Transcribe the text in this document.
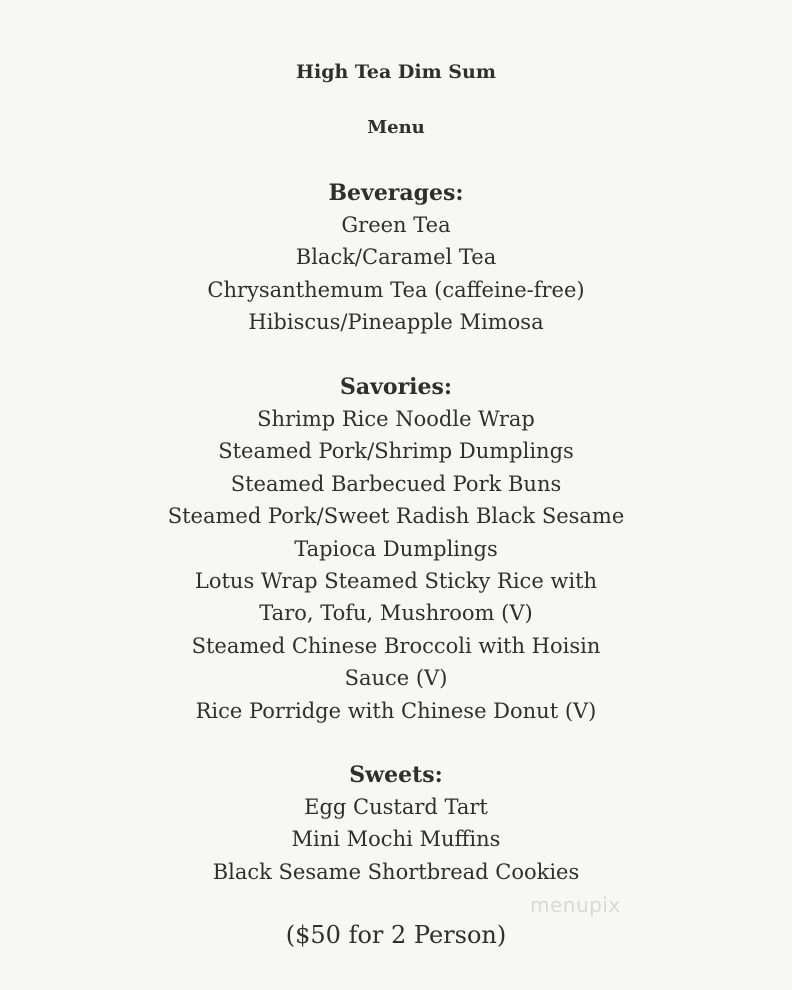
High Tea Dim Sum
Menu
Beverages:
Green Tea
Black/Caramel Tea
Chrysanthemum Tea (caffeine-free)
Hibiscus/Pineapple Mimosa
Savories:
Shrimp Rice Noodle Wrap
Steamed Pork/Shrimp Dumplings
Steamed Barbecued Pork Buns
Steamed Pork/Sweet Radish Black Sesame
Tapioca Dumplings
Lotus Wrap Steamed Sticky Rice with
Taro, Tofu, Mushroom (V)
Steamed Chinese Broccoli with Hoisin
Sauce (V)
Rice Porridge with Chinese Donut (V)
Sweets:
Egg Custard Tart
Mini Mochi Muffins
Black Sesame Shortbread Cookies
menupix
($50 for 2 Person)
